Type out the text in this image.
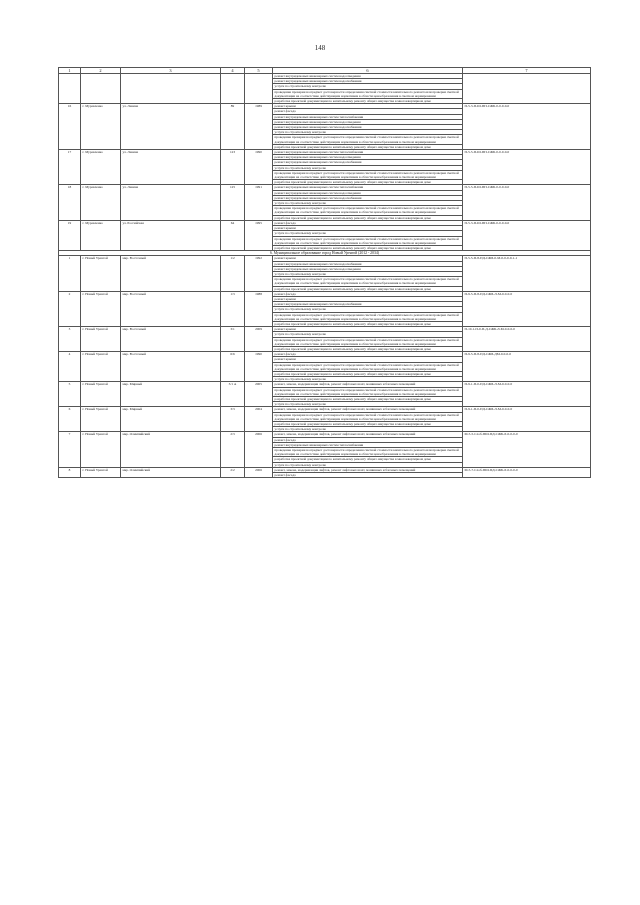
148
1	2	3	4	5	6	7
					ремонт внутридомовых инженерных систем водоотведения	
					ремонт внутридомовых инженерных систем водоснабжения	
					услуги по строительному контролю	
					проведение проверки на предмет достоверности определения сметной стоимости капитального ремонта или проверки сметной документации на соответствие действующим нормативам в области ценообразования в сметном нормировании	
					разработка проектной документации по капитальному ремонту общего имущества в многоквартирном доме	
16	г. Муравленко	ул. Ленина	89	1989	ремонт крыши	П-5-3-П-Ш-ПП-СЖБ-0-0-0-0-0
					ремонт фасада	
					ремонт внутридомовых инженерных систем теплоснабжения	
					ремонт внутридомовых инженерных систем водоотведения	
					ремонт внутридомовых инженерных систем водоснабжения	
					услуги по строительному контролю	
					проведение проверки на предмет достоверности определения сметной стоимости капитального ремонта или проверки сметной документации на соответствие действующим нормативам в области ценообразования в сметном нормировании	
					разработка проектной документации по капитальному ремонту общего имущества в многоквартирном доме	
17	г. Муравленко	ул. Ленина	123	1990	ремонт внутридомовых инженерных систем теплоснабжения	П-5-5-П-Ш-ПП-СЖБ-0-0-0-0-0
					ремонт внутридомовых инженерных систем водоотведения	
					ремонт внутридомовых инженерных систем водоснабжения	
					услуги по строительному контролю	
					проведение проверки на предмет достоверности определения сметной стоимости капитального ремонта или проверки сметной документации на соответствие действующим нормативам в области ценообразования в сметном нормировании	
					разработка проектной документации по капитальному ремонту общего имущества в многоквартирном доме	
18	г. Муравленко	ул. Ленина	125	1991	ремонт внутридомовых инженерных систем теплоснабжения	П-5-5-П-Ш-ПП-СЖБ-0-0-0-0-0
					ремонт внутридомовых инженерных систем водоотведения	
					ремонт внутридомовых инженерных систем водоснабжения	
					услуги по строительному контролю	
					проведение проверки на предмет достоверности определения сметной стоимости капитального ремонта или проверки сметной документации на соответствие действующим нормативам в области ценообразования в сметном нормировании	
					разработка проектной документации по капитальному ремонту общего имущества в многоквартирном доме	
19	г. Муравленко	ул. Российская	64	1995	ремонт фасада	П-5-3-П-Ш-ПП-СЖБ-0-0-0-0-0
					ремонт крыши	
					услуги по строительному контролю	
					проведение проверки на предмет достоверности определения сметной стоимости капитального ремонта или проверки сметной документации на соответствие действующим нормативам в области ценообразования в сметном нормировании	
					разработка проектной документации по капитальному ремонту общего имущества в многоквартирном доме	
6. Муниципальное образование город Новый Уренгой (2012 - 2034)						
1	г. Новый Уренгой	мкр. Восточный	1/2	1992	ремонт крыши	П-5-5-П-8-ПД-СЖБ-0-М-0-0-0-0-1-1
					ремонт внутридомовых инженерных систем водоснабжения	
					ремонт внутридомовых инженерных систем водоотведения	
					услуги по строительному контролю	
					проведение проверки на предмет достоверности определения сметной стоимости капитального ремонта или проверки сметной документации на соответствие действующим нормативам в области ценообразования в сметном нормировании	
					разработка проектной документации по капитальному ремонту общего имущества в многоквартирном доме	
2	г. Новый Уренгой	мкр. Восточный	1/3	1988	ремонт фасада	П-9-5-П-8-ПД-СЖБ-Л-М-0-0-0-0
					ремонт крыши	
					ремонт внутридомовых инженерных систем водоснабжения	
					услуги по строительному контролю	
					проведение проверки на предмет достоверности определения сметной стоимости капитального ремонта или проверки сметной документации на соответствие действующим нормативам в области ценообразования в сметном нормировании	
					разработка проектной документации по капитальному ремонту общего имущества в многоквартирном доме	
3	г. Новый Уренгой	мкр. Восточный	3/1	2009	ремонт крыши	П-10-1-П-0-П-Д-СЖБ-Л-М-0-0-0-0
					услуги по строительному контролю	
					проведение проверки на предмет достоверности определения сметной стоимости капитального ремонта или проверки сметной документации на соответствие действующим нормативам в области ценообразования в сметном нормировании	
					разработка проектной документации по капитальному ремонту общего имущества в многоквартирном доме	
4	г. Новый Уренгой	мкр. Восточный	6/6	1990	ремонт фасада	П-9-5-П-8-ПД-СЖБ-ДМ-0-0-0-0
					ремонт крыши	
					проведение проверки на предмет достоверности определения сметной стоимости капитального ремонта или проверки сметной документации на соответствие действующим нормативам в области ценообразования в сметном нормировании	
					разработка проектной документации по капитальному ремонту общего имущества в многоквартирном доме	
					услуги по строительному контролю	
5	г. Новый Уренгой	мкр. Мирный	3/1 А	2005	ремонт, замена, модернизация лифтов, ремонт лифтовых шахт, машинных и блочных помещений	П-9-1-П-0-ПД-СЖБ-Л-М-0-0-0-0
					проведение проверки на предмет достоверности определения сметной стоимости капитального ремонта или проверки сметной документации на соответствие действующим нормативам в области ценообразования в сметном нормировании	
					разработка проектной документации по капитальному ремонту общего имущества в многоквартирном доме	
					услуги по строительному контролю	
6	г. Новый Уренгой	мкр. Мирный	3/3	2004	ремонт, замена, модернизация лифтов, ремонт лифтовых шахт, машинных и блочных помещений	П-9-1-П-0-ПД-СЖБ-Л-М-0-0-0-0
					проведение проверки на предмет достоверности определения сметной стоимости капитального ремонта или проверки сметной документации на соответствие действующим нормативам в области ценообразования в сметном нормировании	
					разработка проектной документации по капитальному ремонту общего имущества в многоквартирном доме	
					услуги по строительному контролю	
7	г. Новый Уренгой	мкр. Олимпийский	2/3	2006	ремонт, замена, модернизация лифтов, ремонт лифтовых шахт, машинных и блочных помещений	М-5-5-Слоб-ПШ-ПД-СЖБ-Л-0-0-0-0
					ремонт фасада	
					ремонт внутридомовых инженерных систем теплоснабжения	
					проведение проверки на предмет достоверности определения сметной стоимости капитального ремонта или проверки сметной документации на соответствие действующим нормативам в области ценообразования в сметном нормировании	
					разработка проектной документации по капитальному ремонту общего имущества в многоквартирном доме	
					услуги по строительному контролю	
8	г. Новый Уренгой	мкр. Олимпийский	2/2	2006	ремонт, замена, модернизация лифтов, ремонт лифтовых шахт, машинных и блочных помещений	М-5-7-Слоб-ПШ-ПД-СЖБ-Л-0-0-0-0
					ремонт фасада	
